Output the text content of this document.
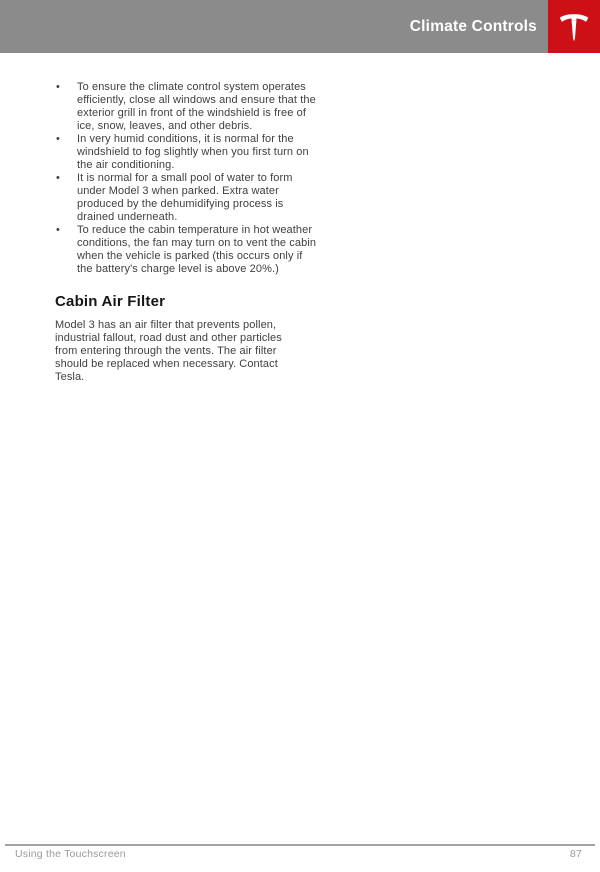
Climate Controls
• To ensure the climate control system operates efficiently, close all windows and ensure that the exterior grill in front of the windshield is free of ice, snow, leaves, and other debris.
• In very humid conditions, it is normal for the windshield to fog slightly when you first turn on the air conditioning.
• It is normal for a small pool of water to form under Model 3 when parked. Extra water produced by the dehumidifying process is drained underneath.
• To reduce the cabin temperature in hot weather conditions, the fan may turn on to vent the cabin when the vehicle is parked (this occurs only if the battery's charge level is above 20%.)
Cabin Air Filter

Model 3 has an air filter that prevents pollen, industrial fallout, road dust and other particles from entering through the vents. The air filter should be replaced when necessary. Contact Tesla.

Using the Touchscreen	87
